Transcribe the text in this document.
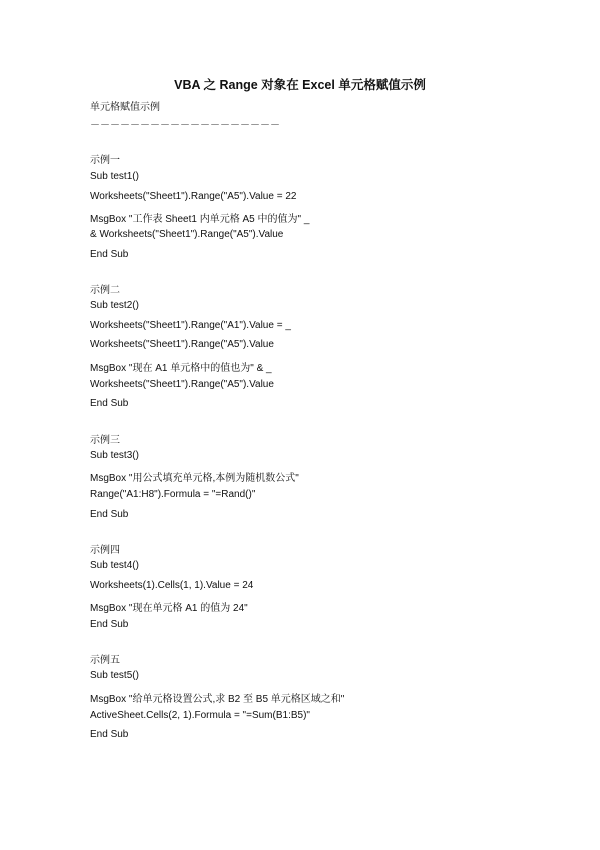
VBA 之 Range 对象在 Excel 单元格赋值示例
单元格赋值示例
－－－－－－－－－－－－－－－－－－－
示例一
Sub test1()
Worksheets("Sheet1").Range("A5").Value = 22
MsgBox "工作表 Sheet1 内单元格 A5 中的值为" _
& Worksheets("Sheet1").Range("A5").Value
End Sub
示例二
Sub test2()
Worksheets("Sheet1").Range("A1").Value = _
Worksheets("Sheet1").Range("A5").Value
MsgBox "现在 A1 单元格中的值也为" & _
Worksheets("Sheet1").Range("A5").Value
End Sub
示例三
Sub test3()
MsgBox "用公式填充单元格,本例为随机数公式"
Range("A1:H8").Formula = "=Rand()"
End Sub
示例四
Sub test4()
Worksheets(1).Cells(1, 1).Value = 24
MsgBox "现在单元格 A1 的值为 24"
End Sub
示例五
Sub test5()
MsgBox "给单元格设置公式,求 B2 至 B5 单元格区域之和"
ActiveSheet.Cells(2, 1).Formula = "=Sum(B1:B5)"
End Sub
